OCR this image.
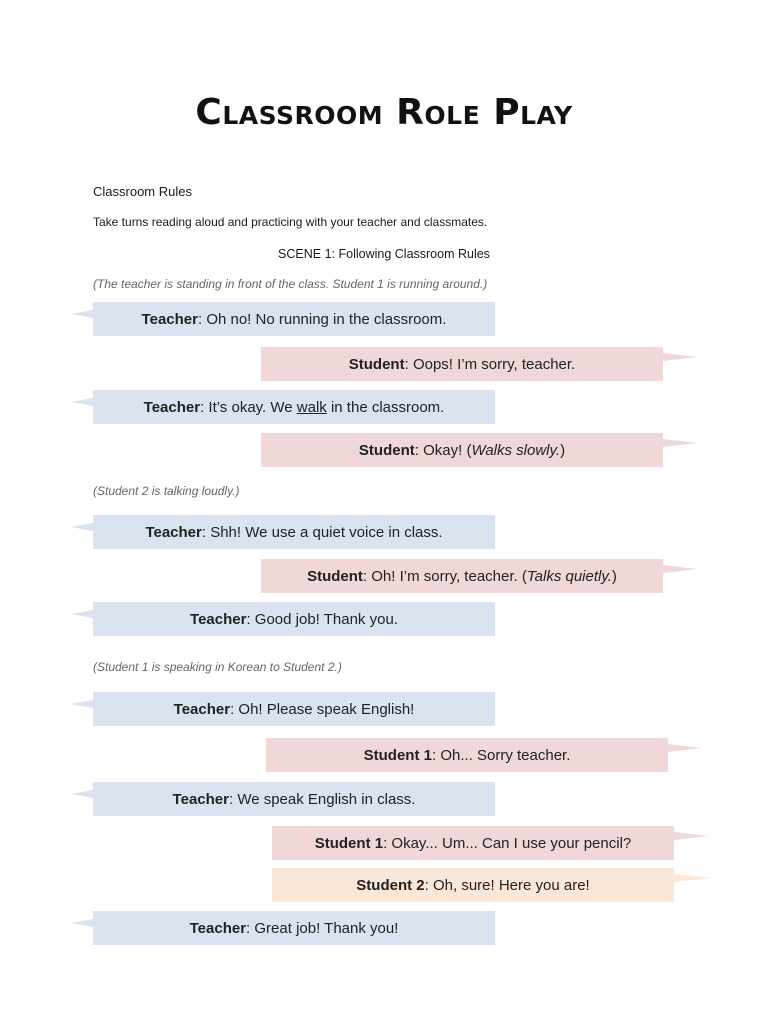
Classroom Role Play
Classroom Rules
Take turns reading aloud and practicing with your teacher and classmates.
SCENE 1: Following Classroom Rules
(The teacher is standing in front of the class. Student 1 is running around.)
Teacher : Oh no! No running in the classroom.
Student : Oops! I’m sorry, teacher.
Teacher : It’s okay. We walk in the classroom.
Student : Okay! ( Walks slowly. )
(Student 2 is talking loudly.)
Teacher : Shh! We use a quiet voice in class.
Student : Oh! I’m sorry, teacher. ( Talks quietly. )
Teacher : Good job! Thank you.
(Student 1 is speaking in Korean to Student 2.)
Teacher : Oh! Please speak English!
Student 1 : Oh... Sorry teacher.
Teacher : We speak English in class.
Student 1 : Okay... Um... Can I use your pencil?
Student 2 : Oh, sure! Here you are!
Teacher : Great job! Thank you!
